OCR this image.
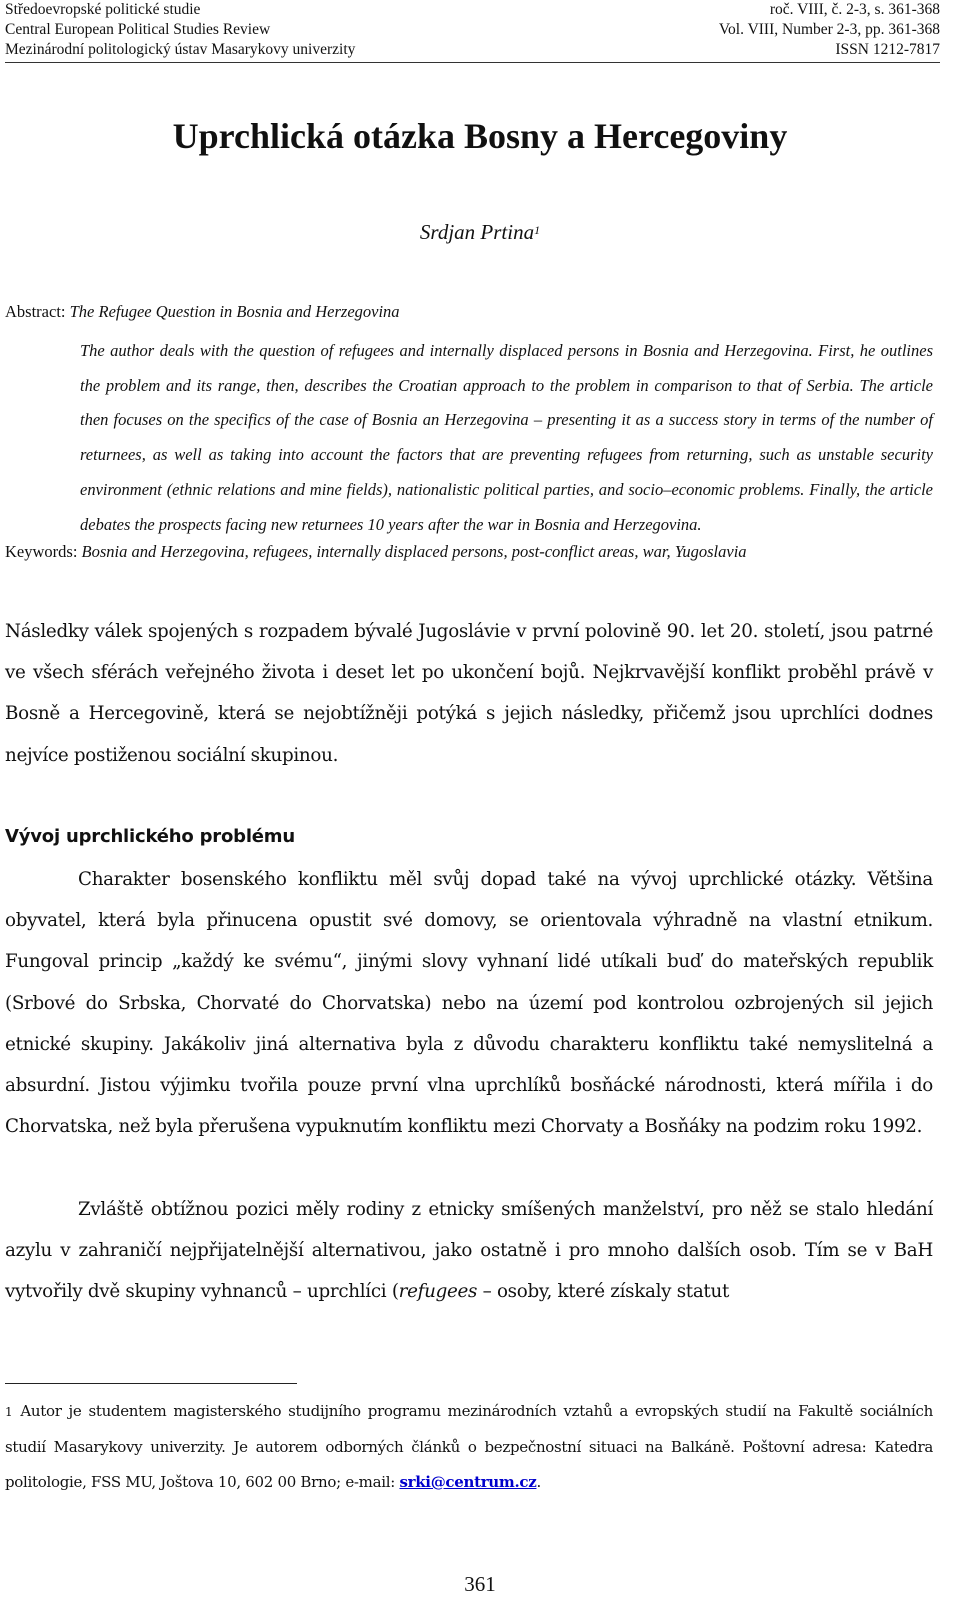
Středoevropské politické studie	roč. VIII, č. 2-3, s. 361-368
Central European Political Studies Review	Vol. VIII, Number 2-3, pp. 361-368
Mezinárodní politologický ústav Masarykovy univerzity	ISSN 1212-7817
Uprchlická otázka Bosny a Hercegoviny
Srdjan Prtina$^1$
Abstract: The Refugee Question in Bosnia and Herzegovina

The author deals with the question of refugees and internally displaced persons in Bosnia and Herzegovina. First, he outlines the problem and its range, then, describes the Croatian approach to the problem in comparison to that of Serbia. The article then focuses on the specifics of the case of Bosnia an Herzegovina – presenting it as a success story in terms of the number of returnees, as well as taking into account the factors that are preventing refugees from returning, such as unstable security environment (ethnic relations and mine fields), nationalistic political parties, and socio–economic problems. Finally, the article debates the prospects facing new returnees 10 years after the war in Bosnia and Herzegovina.

Keywords: Bosnia and Herzegovina, refugees, internally displaced persons, post-conflict areas, war, Yugoslavia

Následky válek spojených s rozpadem bývalé Jugoslávie v první polovině 90. let 20. století, jsou patrné ve všech sférách veřejného života i deset let po ukončení bojů. Nejkrvavější konflikt proběhl právě v Bosně a Hercegovině, která se nejobtížněji potýká s jejich následky, přičemž jsou uprchlíci dodnes nejvíce postiženou sociální skupinou.

Vývoj uprchlického problému

Charakter bosenského konfliktu měl svůj dopad také na vývoj uprchlické otázky. Většina obyvatel, která byla přinucena opustit své domovy, se orientovala výhradně na vlastní etnikum. Fungoval princip „každý ke svému“, jinými slovy vyhnaní lidé utíkali buď do mateřských republik (Srbové do Srbska, Chorvaté do Chorvatska) nebo na území pod kontrolou ozbrojených sil jejich etnické skupiny. Jakákoliv jiná alternativa byla z důvodu charakteru konfliktu také nemyslitelná a absurdní. Jistou výjimku tvořila pouze první vlna uprchlíků bosňácké národnosti, která mířila i do Chorvatska, než byla přerušena vypuknutím konfliktu mezi Chorvaty a Bosňáky na podzim roku 1992.

Zvláště obtížnou pozici měly rodiny z etnicky smíšených manželství, pro něž se stalo hledání azylu v zahraničí nejpřijatelnější alternativou, jako ostatně i pro mnoho dalších osob. Tím se v BaH vytvořily dvě skupiny vyhnanců – uprchlíci (refugees – osoby, které získaly statut

1 Autor je studentem magisterského studijního programu mezinárodních vztahů a evropských studií na Fakultě sociálních studií Masarykovy univerzity. Je autorem odborných článků o bezpečnostní situaci na Balkáně. Poštovní adresa: Katedra politologie, FSS MU, Joštova 10, 602 00 Brno; e-mail: srki@centrum.cz.

361
